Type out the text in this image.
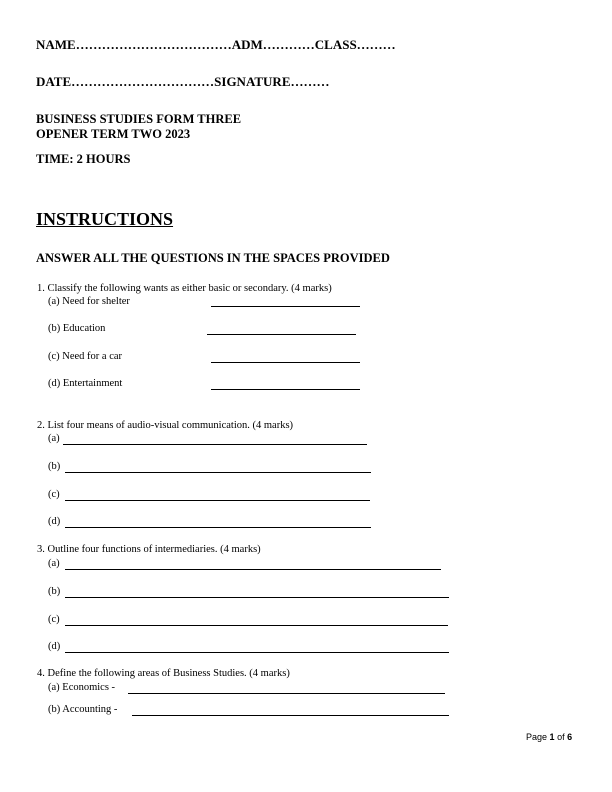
NAME………………………………ADM…………CLASS………
DATE……………………………SIGNATURE………
BUSINESS STUDIES FORM THREE
OPENER TERM TWO 2023
TIME: 2 HOURS
INSTRUCTIONS
ANSWER ALL THE QUESTIONS IN THE SPACES PROVIDED
1. Classify the following wants as either basic or secondary. (4 marks)
(a) Need for shelter
(b) Education
(c) Need for a car
(d) Entertainment
2. List four means of audio-visual communication. (4 marks)
(a)
(b)
(c)
(d)
3. Outline four functions of intermediaries. (4 marks)
(a)
(b)
(c)
(d)
4. Define the following areas of Business Studies. (4 marks)
(a) Economics -
(b) Accounting -
Page 1 of 6
